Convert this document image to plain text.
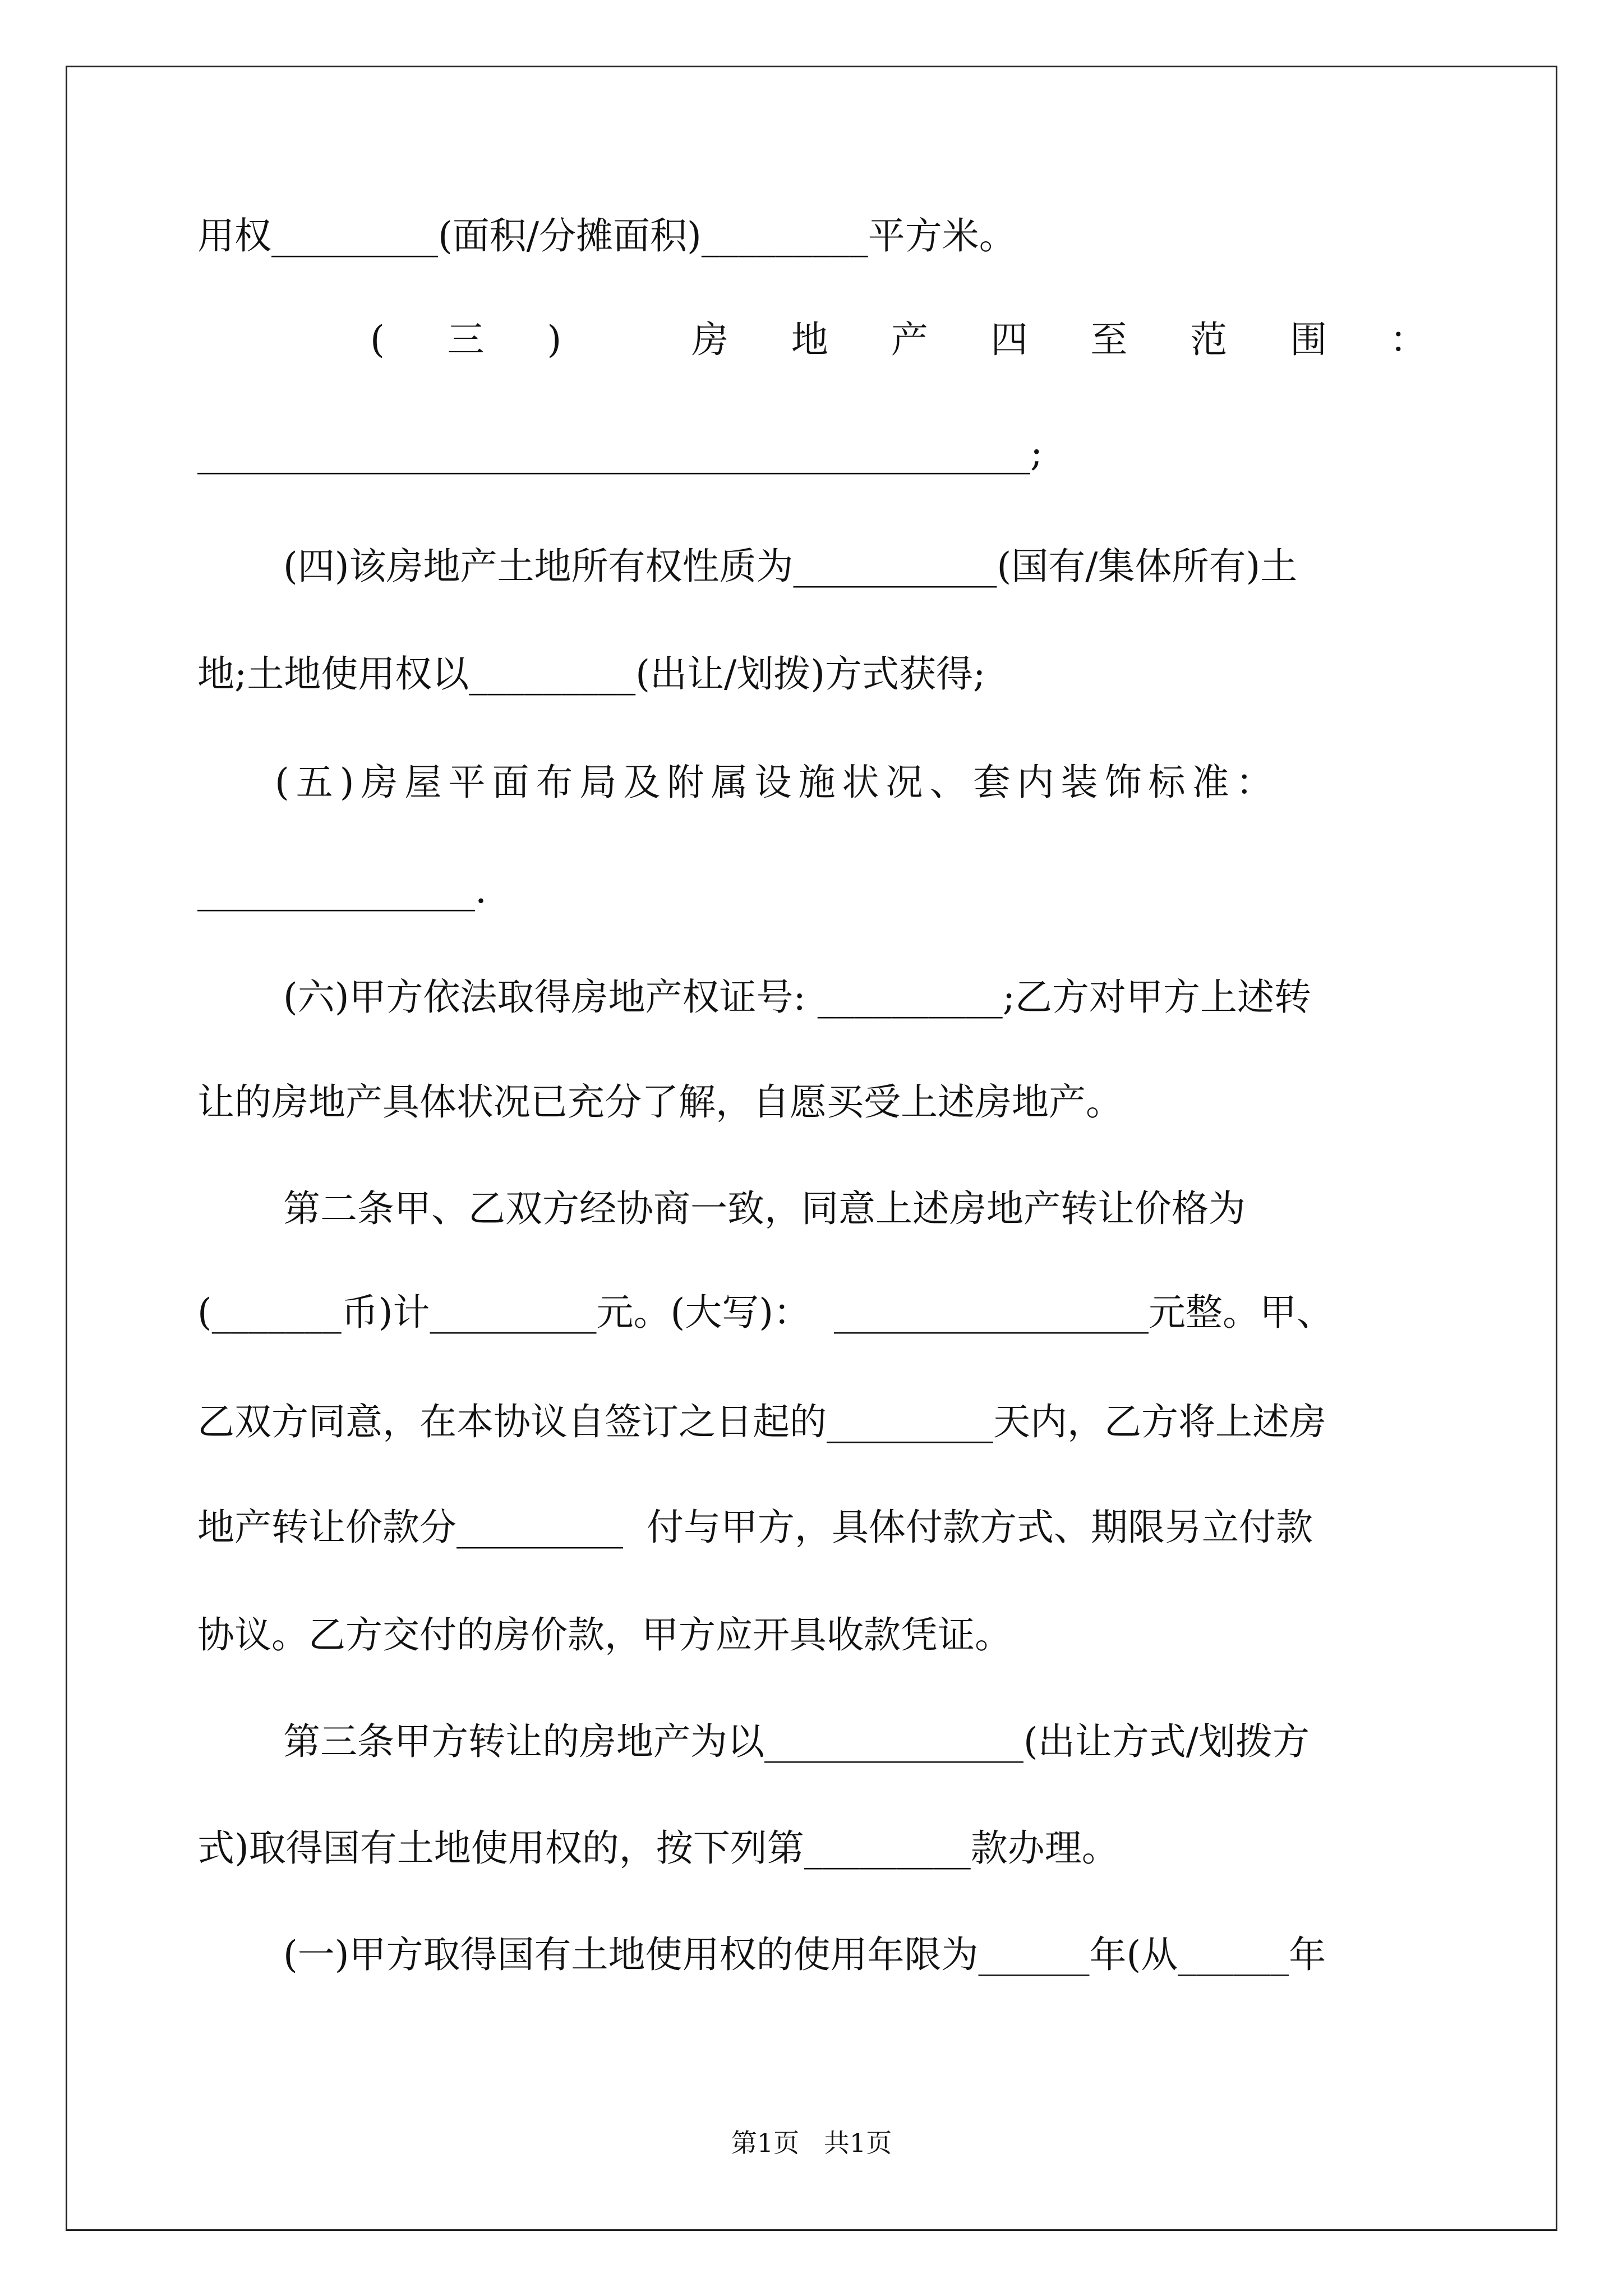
用权_________(面积/分摊面积)_________平方米。
( 三 )	房 地 产 四 至 范 围 ：
_____________________________________________;
(四)该房地产土地所有权性质为___________(国有/集体所有)土
地;土地使用权以_________(出让/划拨)方式获得;
(五)房屋平面布局及附属设施状况、套内装饰标准：
_______________.
(六)甲方依法取得房地产权证号: __________;乙方对甲方上述转
让的房地产具体状况已充分了解，自愿买受上述房地产。
第二条甲、乙双方经协商一致，同意上述房地产转让价格为
(_______币)计_________元。(大写)：  _________________元整。甲、
乙双方同意，在本协议自签订之日起的_________天内，乙方将上述房
地产转让价款分_________  付与甲方，具体付款方式、期限另立付款
协议。乙方交付的房价款，甲方应开具收款凭证。
第三条甲方转让的房地产为以______________(出让方式/划拨方
式)取得国有土地使用权的，按下列第_________款办理。
(一)甲方取得国有土地使用权的使用年限为______年(从______年
第1页   共1页
